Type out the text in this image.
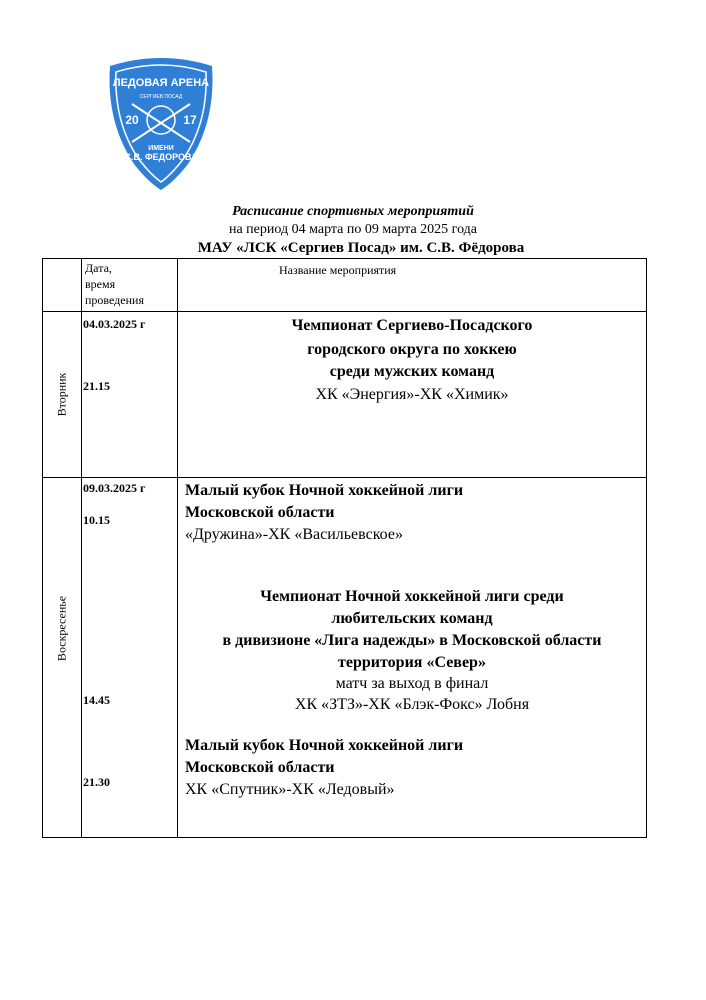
ЛЕДОВАЯ АРЕНА
СЕРГИЕВ ПОСАД
20	17
ИМЕНИ
С.В. ФЕДОРОВА
Расписание спортивных мероприятий
на период 04 марта по 09 марта 2025 года
МАУ «ЛСК «Сергиев Посад» им. С.В. Фёдорова
Дата,
время
проведения
Название мероприятия
Вторник
04.03.2025 г
21.15
Чемпионат Сергиево-Посадского
городского округа по хоккею
среди мужских команд
ХК «Энергия»-ХК «Химик»
Воскресенье
09.03.2025 г
10.15
Малый кубок Ночной хоккейной лиги
Московской области
«Дружина»-ХК «Васильевское»
14.45
Чемпионат Ночной хоккейной лиги среди
любительских команд
в дивизионе «Лига надежды» в Московской области
территория «Север»
матч за выход в финал
ХК «ЗТЗ»-ХК «Блэк-Фокс» Лобня
21.30
Малый кубок Ночной хоккейной лиги
Московской области
ХК «Спутник»-ХК «Ледовый»
